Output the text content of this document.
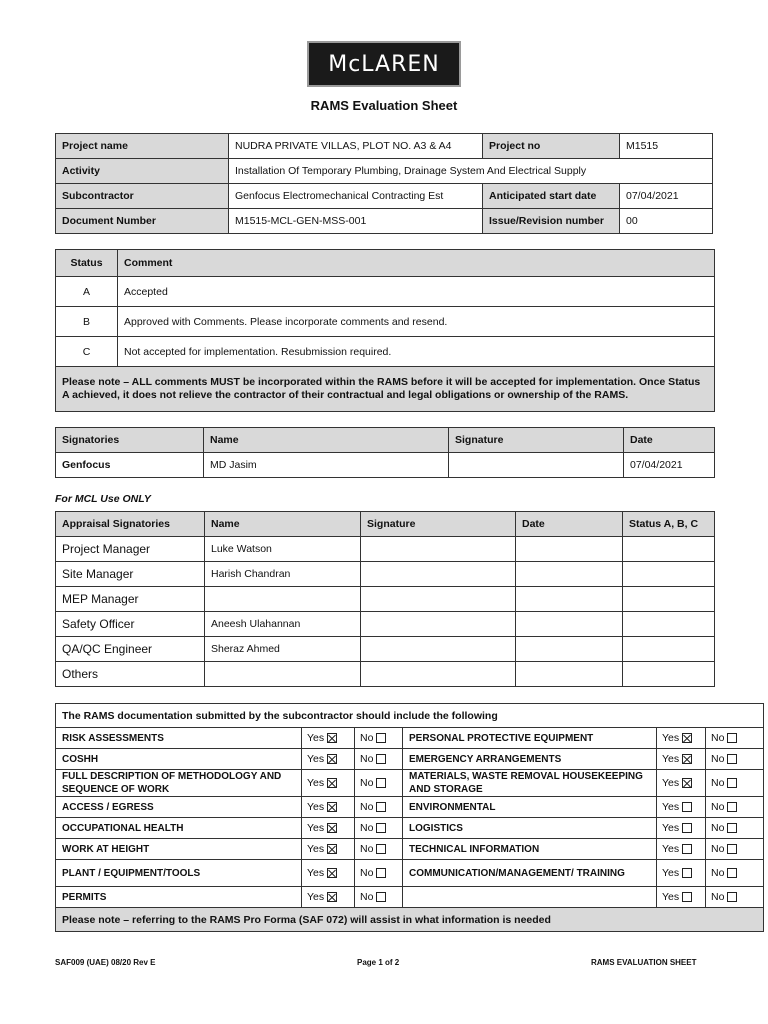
McLAREN
RAMS Evaluation Sheet
Project name	NUDRA PRIVATE VILLAS, PLOT NO. A3 & A4	Project no	M1515
Activity	Installation Of Temporary Plumbing, Drainage System And Electrical Supply		
Subcontractor	Genfocus Electromechanical Contracting Est	Anticipated start date	07/04/2021
Document Number	M1515-MCL-GEN-MSS-001	Issue/Revision number	00
Status	Comment
A	Accepted
B	Approved with Comments. Please incorporate comments and resend.
C	Not accepted for implementation. Resubmission required.
Please note – ALL comments MUST be incorporated within the RAMS before it will be accepted for implementation. Once Status A achieved, it does not relieve the contractor of their contractual and legal obligations or ownership of the RAMS.	
Signatories	Name	Signature	Date
Genfocus	MD Jasim		07/04/2021
For MCL Use ONLY
Appraisal Signatories	Name	Signature	Date	Status A, B, C
Project Manager	Luke Watson			
Site Manager	Harish Chandran			
MEP Manager				
Safety Officer	Aneesh Ulahannan			
QA/QC Engineer	Sheraz Ahmed			
Others				
The RAMS documentation submitted by the subcontractor should include the following					
RISK ASSESSMENTS	Yes	No	PERSONAL PROTECTIVE EQUIPMENT	Yes	No
COSHH	Yes	No	EMERGENCY ARRANGEMENTS	Yes	No
FULL DESCRIPTION OF METHODOLOGY AND SEQUENCE OF WORK	Yes	No	MATERIALS, WASTE REMOVAL HOUSEKEEPING AND STORAGE	Yes	No
ACCESS / EGRESS	Yes	No	ENVIRONMENTAL	Yes	No
OCCUPATIONAL HEALTH	Yes	No	LOGISTICS	Yes	No
WORK AT HEIGHT	Yes	No	TECHNICAL INFORMATION	Yes	No
PLANT / EQUIPMENT/TOOLS	Yes	No	COMMUNICATION/MANAGEMENT/ TRAINING	Yes	No
PERMITS	Yes	No		Yes	No
Please note – referring to the RAMS Pro Forma (SAF 072) will assist in what information is needed					
SAF009 (UAE) 08/20 Rev E	Page 1 of 2	RAMS EVALUATION SHEET
